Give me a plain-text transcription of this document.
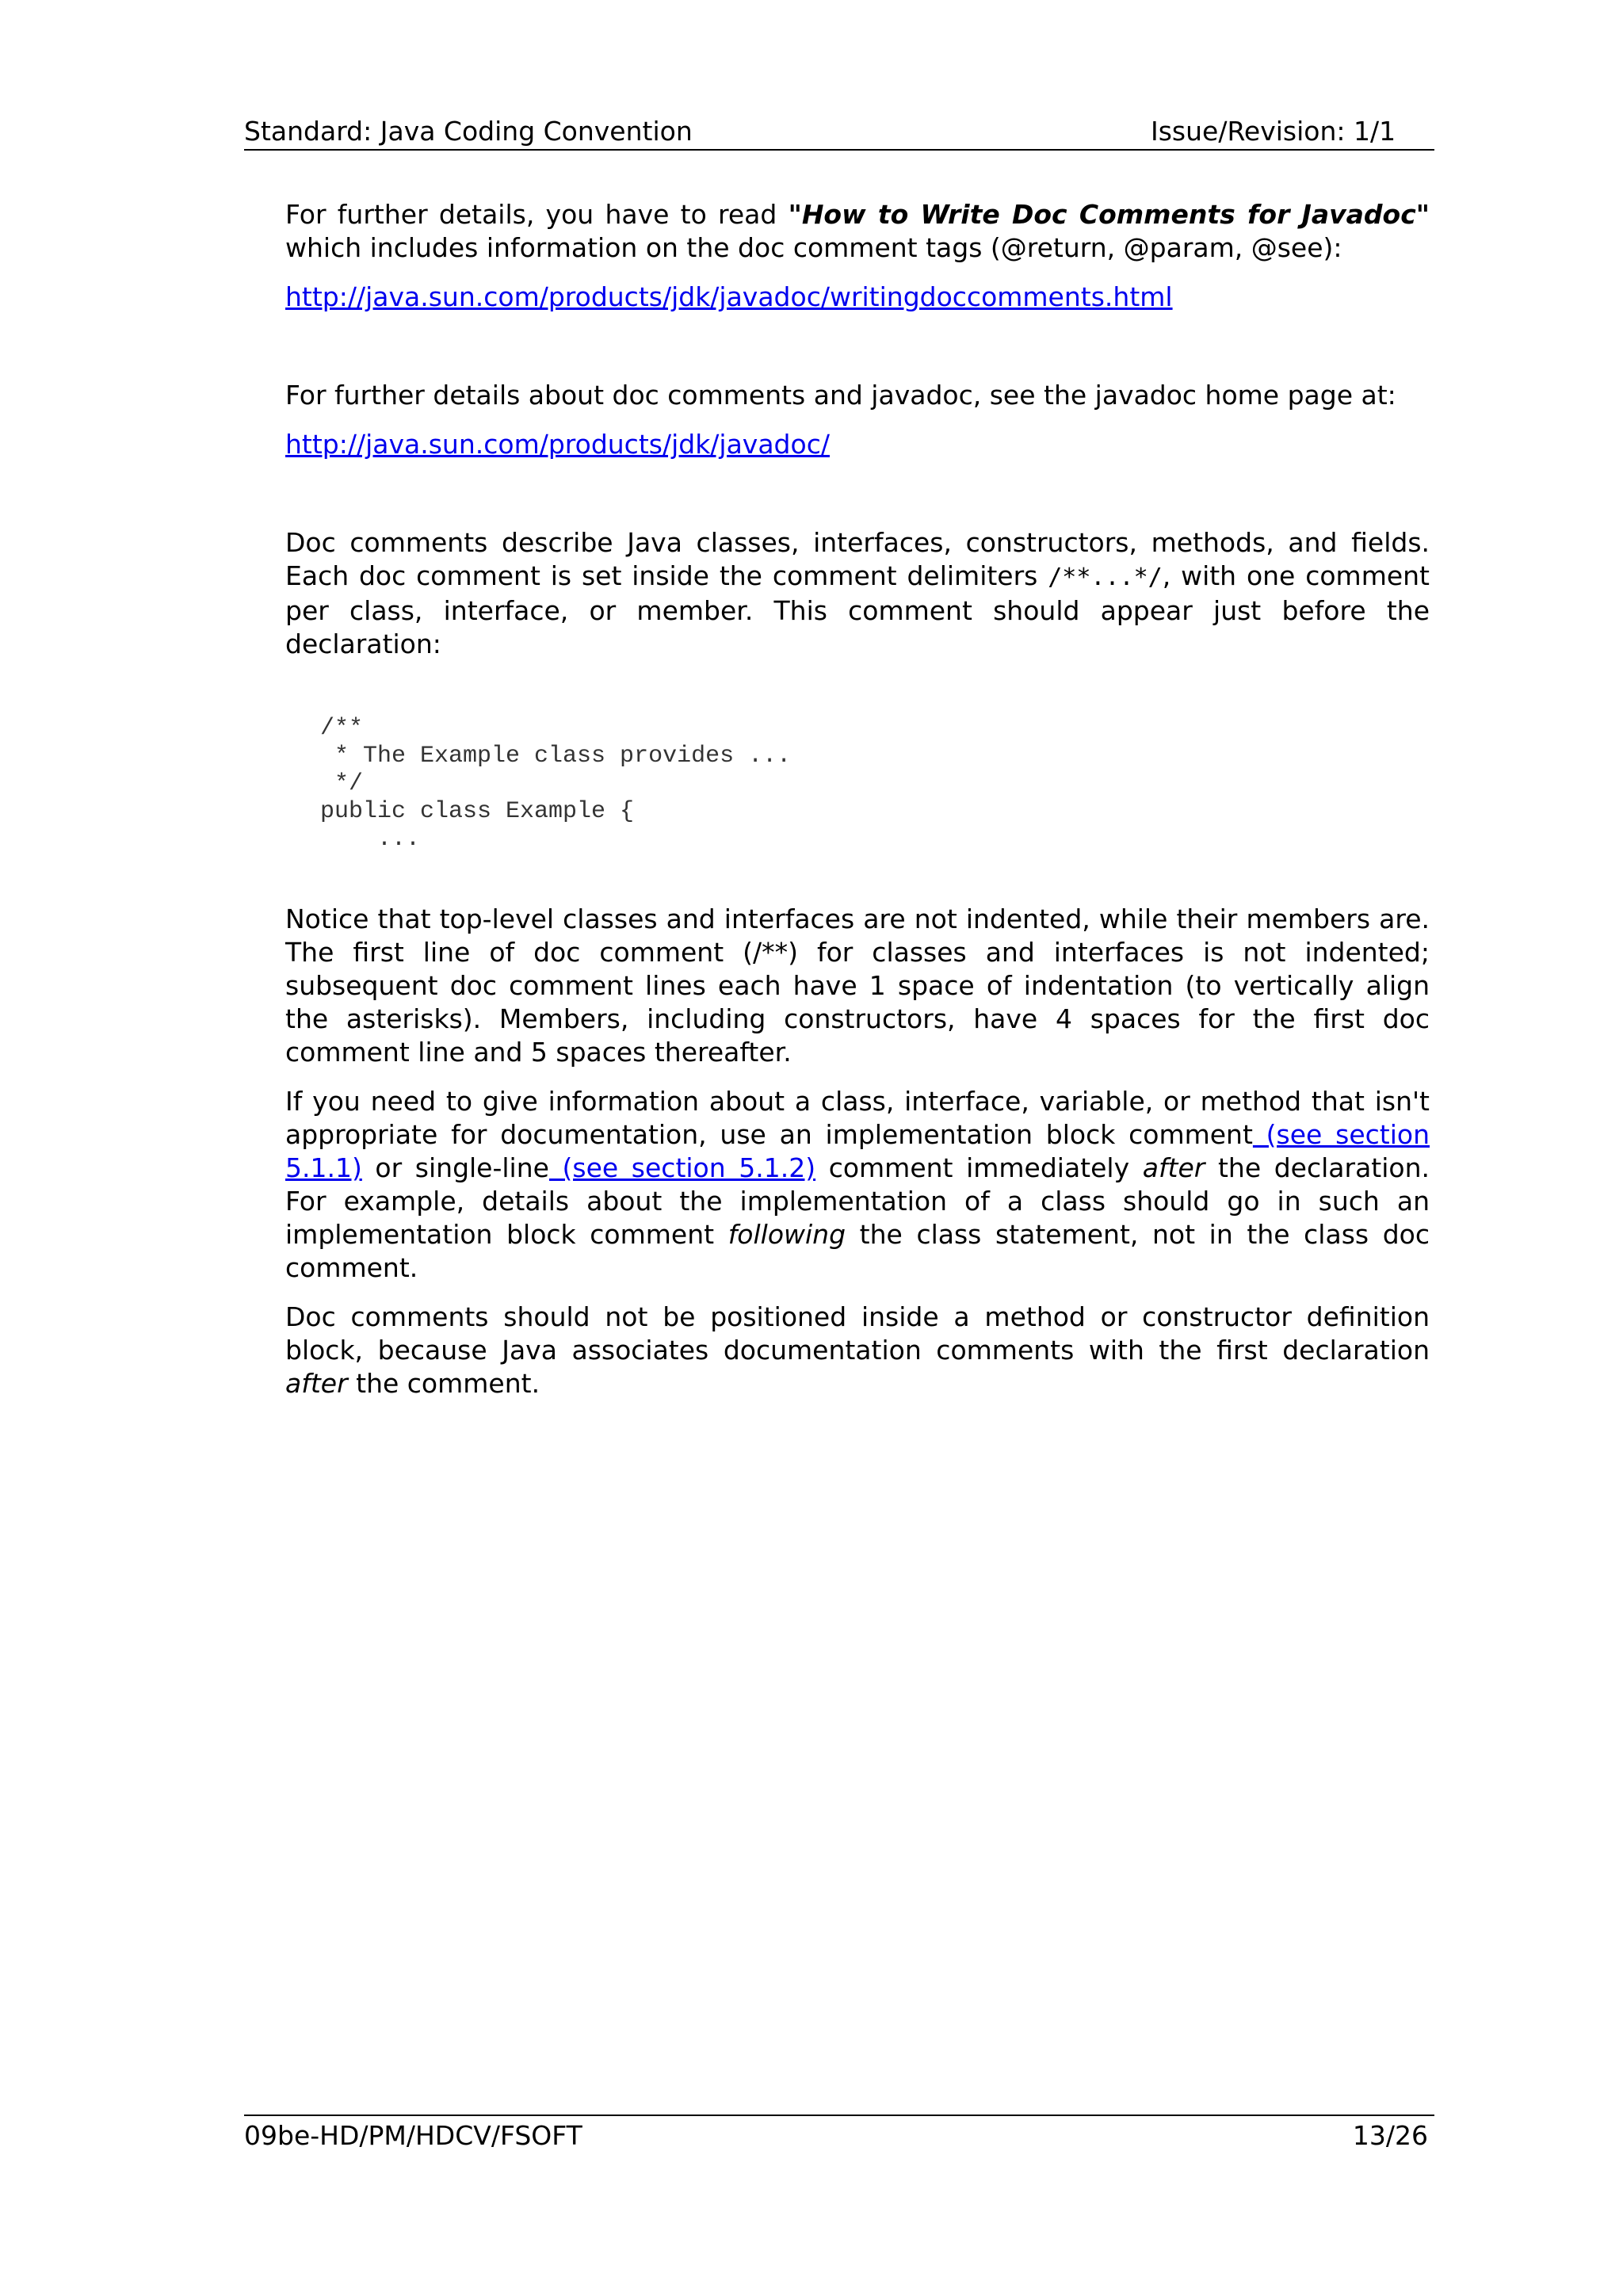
Standard: Java Coding Convention	Issue/Revision: 1/1

For further details, you have to read "How to Write Doc Comments for Javadoc" which includes information on the doc comment tags (@return, @param, @see):

http://java.sun.com/products/jdk/javadoc/writingdoccomments.html

For further details about doc comments and javadoc, see the javadoc home page at:

http://java.sun.com/products/jdk/javadoc/

Doc comments describe Java classes, interfaces, constructors, methods, and fields. Each doc comment is set inside the comment delimiters /**...*/, with one comment per class, interface, or member. This comment should appear just before the declaration:

/**
* The Example class provides ...
*/
public class Example {
...

Notice that top-level classes and interfaces are not indented, while their members are. The first line of doc comment (/**) for classes and interfaces is not indented; subsequent doc comment lines each have 1 space of indentation (to vertically align the asterisks). Members, including constructors, have 4 spaces for the first doc comment line and 5 spaces thereafter.

If you need to give information about a class, interface, variable, or method that isn't appropriate for documentation, use an implementation block comment (see section 5.1.1) or single-line (see section 5.1.2) comment immediately after the declaration. For example, details about the implementation of a class should go in such an implementation block comment following the class statement, not in the class doc comment.

Doc comments should not be positioned inside a method or constructor definition block, because Java associates documentation comments with the first declaration after the comment.

09be-HD/PM/HDCV/FSOFT	13/26
